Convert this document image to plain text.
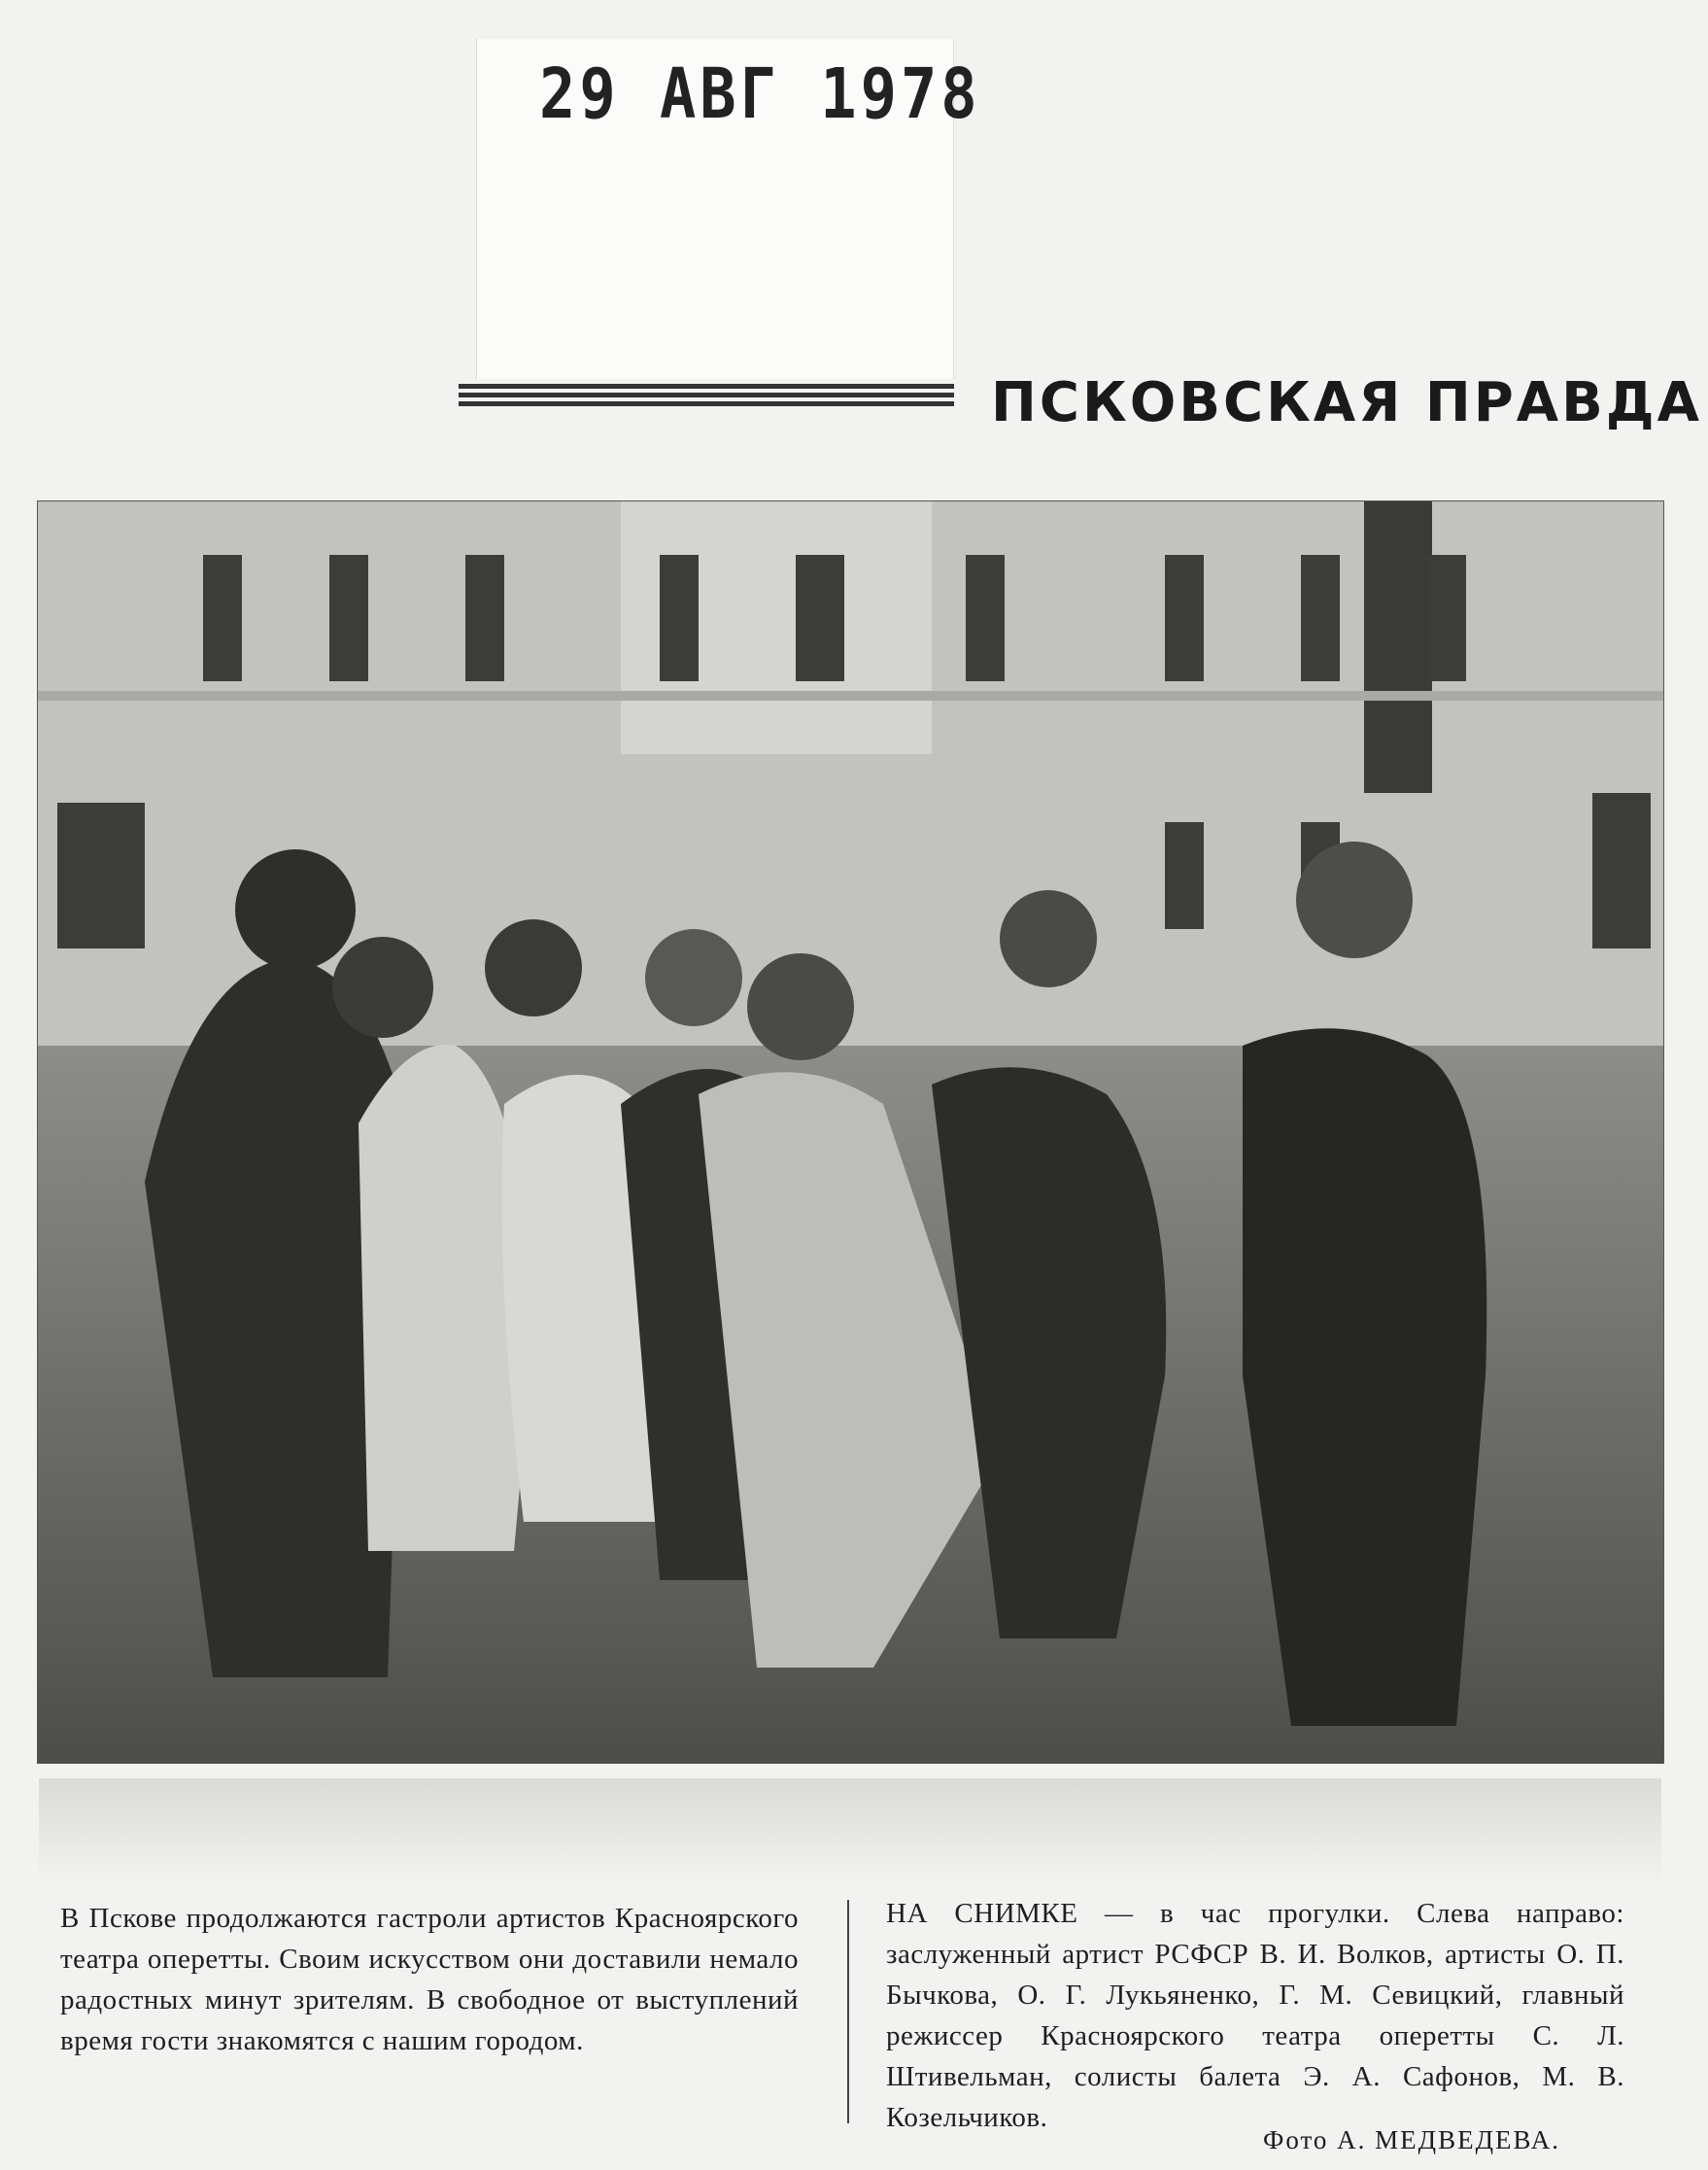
29 АВГ 1978
ПСКОВСКАЯ ПРАВДА

В Пскове продолжаются гастроли артистов Красноярского театра оперетты. Своим искусством они доставили немало радостных минут зрителям. В свободное от выступлений время гости знакомятся с нашим городом.

НА СНИМКЕ — в час прогулки. Слева направо: заслуженный артист РСФСР В. И. Волков, артисты О. П. Бычкова, О. Г. Лукьяненко, Г. М. Севицкий, главный режиссер Красноярского театра оперетты С. Л. Штивельман, солисты балета Э. А. Сафонов, М. В. Козельчиков.

Фото А. МЕДВЕДЕВА.
